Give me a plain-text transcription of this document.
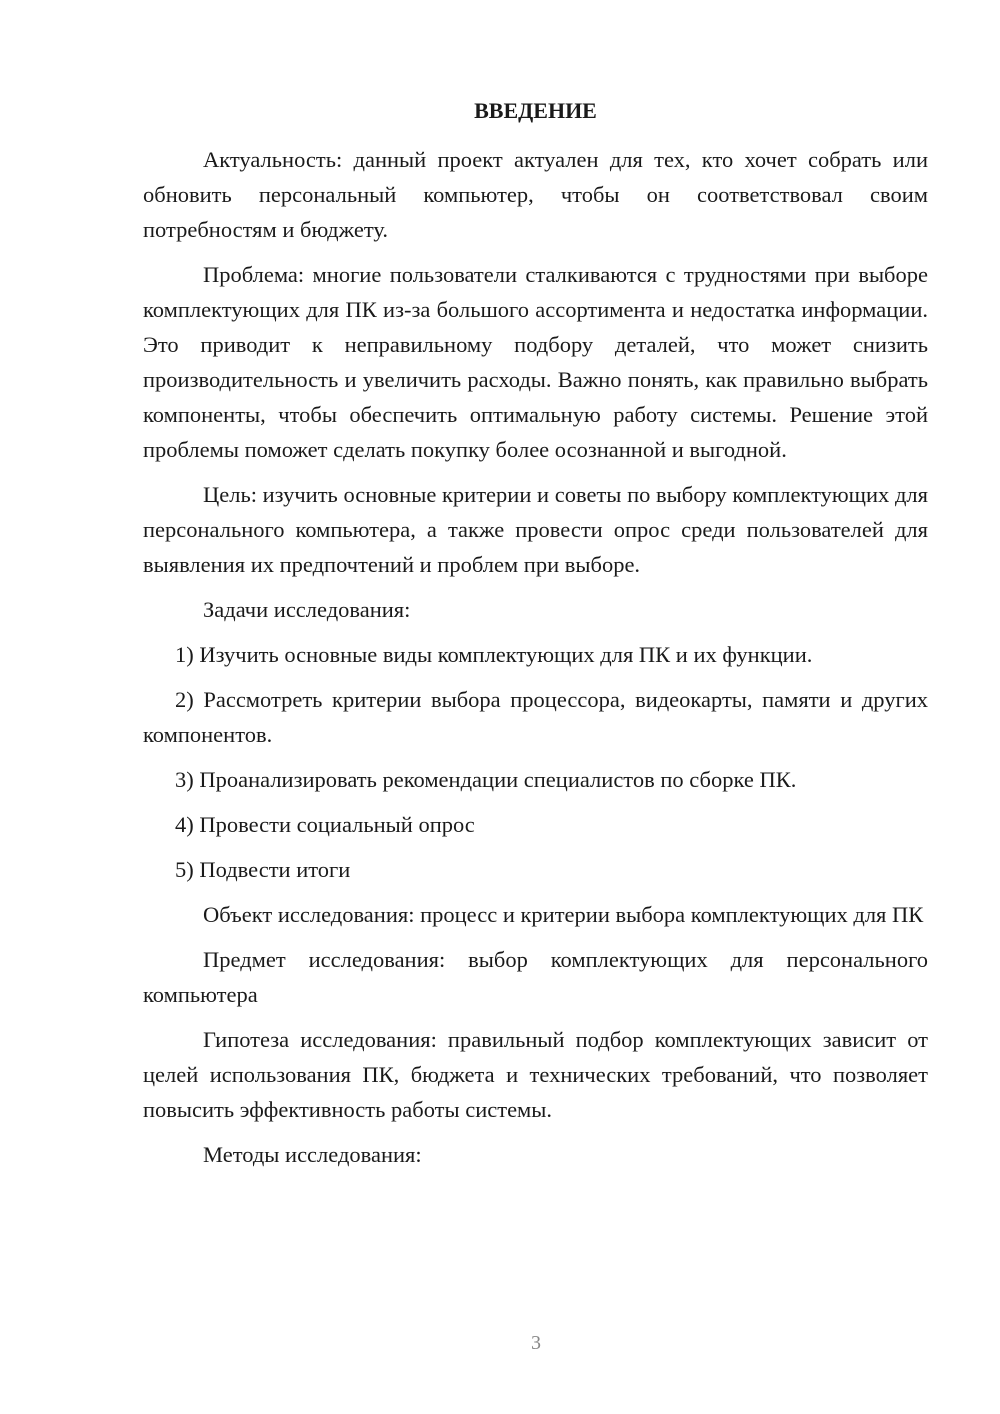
ВВЕДЕНИЕ

Актуальность: данный проект актуален для тех, кто хочет собрать или обновить персональный компьютер, чтобы он соответствовал своим потребностям и бюджету.

Проблема: многие пользователи сталкиваются с трудностями при выборе комплектующих для ПК из-за большого ассортимента и недостатка информации. Это приводит к неправильному подбору деталей, что может снизить производительность и увеличить расходы. Важно понять, как правильно выбрать компоненты, чтобы обеспечить оптимальную работу системы. Решение этой проблемы поможет сделать покупку более осознанной и выгодной.

Цель: изучить основные критерии и советы по выбору комплектующих для персонального компьютера, а также провести опрос среди пользователей для выявления их предпочтений и проблем при выборе.

Задачи исследования:

1) Изучить основные виды комплектующих для ПК и их функции.

2) Рассмотреть критерии выбора процессора, видеокарты, памяти и других компонентов.

3) Проанализировать рекомендации специалистов по сборке ПК.

4) Провести социальный опрос

5) Подвести итоги

Объект исследования: процесс и критерии выбора комплектующих для ПК

Предмет исследования: выбор комплектующих для персонального компьютера

Гипотеза исследования: правильный подбор комплектующих зависит от целей использования ПК, бюджета и технических требований, что позволяет повысить эффективность работы системы.

Методы исследования:

3
